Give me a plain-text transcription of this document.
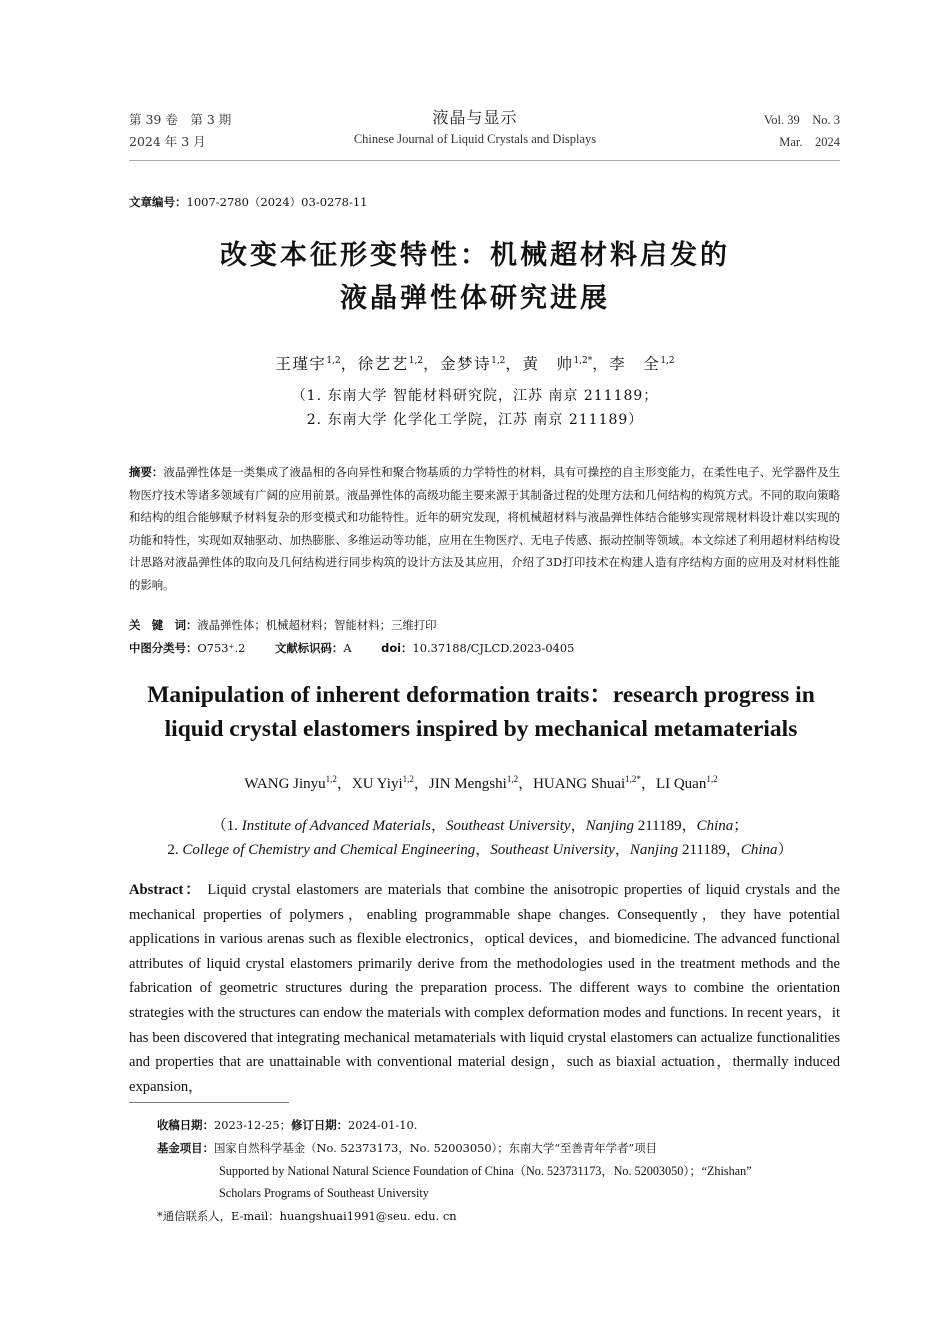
第 39 卷　第 3 期
2024 年 3 月
液晶与显示
Chinese Journal of Liquid Crystals and Displays
Vol. 39　No. 3
Mar.　2024
文章编号：1007-2780（2024）03-0278-11
改变本征形变特性：机械超材料启发的
液晶弹性体研究进展
王瑾宇$^{1,2}$，徐艺艺$^{1,2}$，金梦诗$^{1,2}$，黄　帅$^{1,2*}$，李　全$^{1,2}$
（1. 东南大学 智能材料研究院，江苏 南京 211189；
2. 东南大学 化学化工学院，江苏 南京 211189）
摘要：液晶弹性体是一类集成了液晶相的各向异性和聚合物基质的力学特性的材料，具有可操控的自主形变能力，在柔性电子、光学器件及生物医疗技术等诸多领域有广阔的应用前景。液晶弹性体的高级功能主要来源于其制备过程的处理方法和几何结构的构筑方式。不同的取向策略和结构的组合能够赋予材料复杂的形变模式和功能特性。近年的研究发现，将机械超材料与液晶弹性体结合能够实现常规材料设计难以实现的功能和特性，实现如双轴驱动、加热膨胀、多维运动等功能，应用在生物医疗、无电子传感、振动控制等领域。本文综述了利用超材料结构设计思路对液晶弹性体的取向及几何结构进行同步构筑的设计方法及其应用，介绍了3D打印技术在构建人造有序结构方面的应用及对材料性能的影响。
关　键　词：液晶弹性体；机械超材料；智能材料；三维打印
中图分类号：O753⁺.2	文献标识码：A	doi：10.37188/CJLCD.2023-0405
Manipulation of inherent deformation traits：research progress in
liquid crystal elastomers inspired by mechanical metamaterials
WANG Jinyu$^{1,2}$，XU Yiyi$^{1,2}$，JIN Mengshi$^{1,2}$，HUANG Shuai$^{1,2*}$，LI Quan$^{1,2}$
（1. Institute of Advanced Materials，Southeast University，Nanjing 211189，China；
2. College of Chemistry and Chemical Engineering，Southeast University，Nanjing 211189，China）
Abstract： Liquid crystal elastomers are materials that combine the anisotropic properties of liquid crystals and the mechanical properties of polymers，enabling programmable shape changes. Consequently，they have potential applications in various arenas such as flexible electronics，optical devices，and biomedicine. The advanced functional attributes of liquid crystal elastomers primarily derive from the methodologies used in the treatment methods and the fabrication of geometric structures during the preparation process. The different ways to combine the orientation strategies with the structures can endow the materials with complex deformation modes and functions. In recent years，it has been discovered that integrating mechanical metamaterials with liquid crystal elastomers can actualize functionalities and properties that are unattainable with conventional material design，such as biaxial actuation，thermally induced expansion，
收稿日期：2023-12-25；修订日期：2024-01-10.
基金项目：国家自然科学基金（No. 52373173，No. 52003050）；东南大学“至善青年学者”项目
Supported by National Natural Science Foundation of China（No. 523731173，No. 52003050）；“Zhishan”
Scholars Programs of Southeast University
*通信联系人，E-mail：huangshuai1991@seu. edu. cn
